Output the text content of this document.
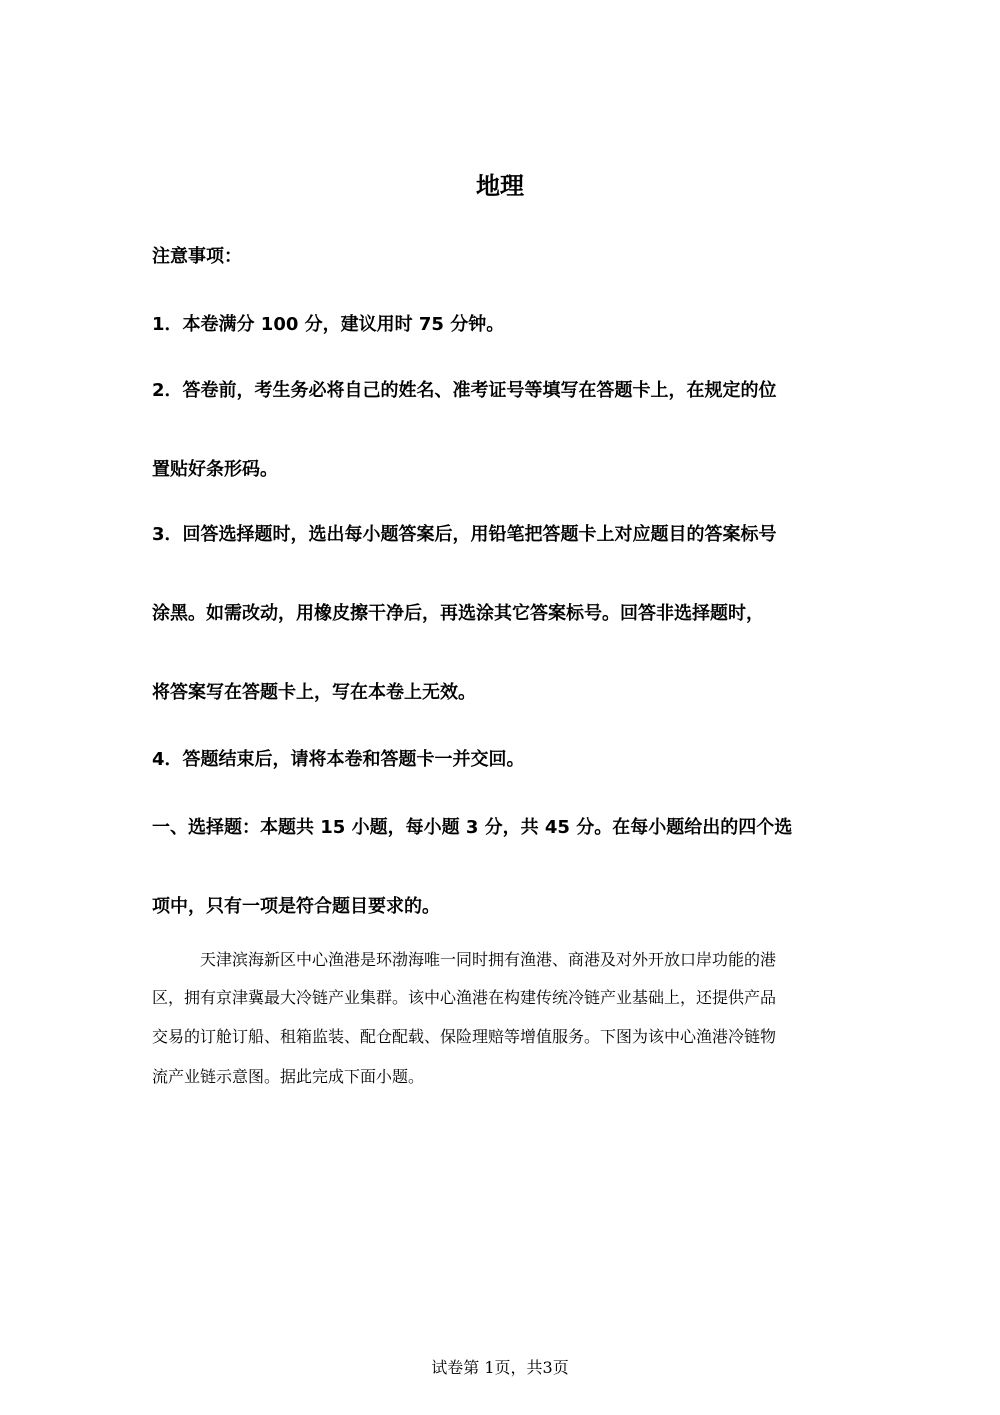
地理
注意事项：
1．本卷满分 100 分，建议用时 75 分钟。
2．答卷前，考生务必将自己的姓名、准考证号等填写在答题卡上，在规定的位
置贴好条形码。
3．回答选择题时，选出每小题答案后，用铅笔把答题卡上对应题目的答案标号
涂黑。如需改动，用橡皮擦干净后，再选涂其它答案标号。回答非选择题时，
将答案写在答题卡上，写在本卷上无效。
4．答题结束后，请将本卷和答题卡一并交回。
一、选择题：本题共 15 小题，每小题 3 分，共 45 分。在每小题给出的四个选
项中，只有一项是符合题目要求的。
天津滨海新区中心渔港是环渤海唯一同时拥有渔港、商港及对外开放口岸功能的港
区，拥有京津冀最大冷链产业集群。该中心渔港在构建传统冷链产业基础上，还提供产品
交易的订舱订船、租箱监装、配仓配载、保险理赔等增值服务。下图为该中心渔港冷链物
流产业链示意图。据此完成下面小题。
试卷第 1页，共3页
